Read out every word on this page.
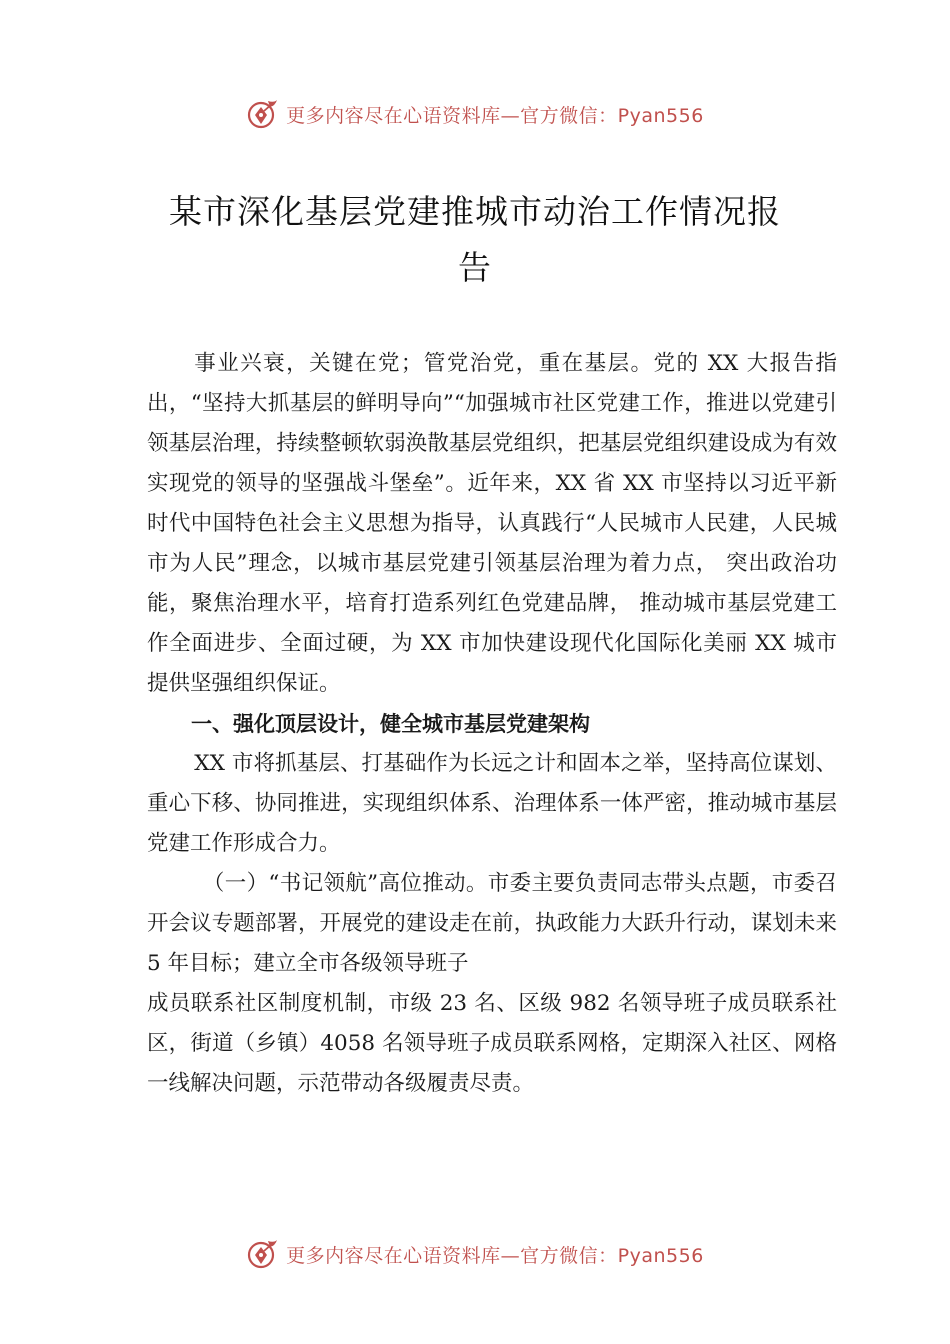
更多内容尽在心语资料库—官方微信：Pyan556
某市深化基层党建推城市动治工作情况报
告

事业兴衰，关键在党；管党治党，重在基层。党的 XX 大报告指出，“坚持大抓基层的鲜明导向”“加强城市社区党建工作，推进以党建引领基层治理，持续整顿软弱涣散基层党组织，把基层党组织建设成为有效实现党的领导的坚强战斗堡垒”。近年来，XX 省 XX 市坚持以习近平新时代中国特色社会主义思想为指导，认真践行“人民城市人民建，人民城市为人民”理念，以城市基层党建引领基层治理为着力点， 突出政治功能，聚焦治理水平，培育打造系列红色党建品牌， 推动城市基层党建工作全面进步、全面过硬，为 XX 市加快建设现代化国际化美丽 XX 城市提供坚强组织保证。

一、强化顶层设计，健全城市基层党建架构

XX 市将抓基层、打基础作为长远之计和固本之举，坚持高位谋划、重心下移、协同推进，实现组织体系、治理体系一体严密，推动城市基层党建工作形成合力。

（一）“书记领航”高位推动。市委主要负责同志带头点题，市委召开会议专题部署，开展党的建设走在前，执政能力大跃升行动，谋划未来 5 年目标；建立全市各级领导班子

成员联系社区制度机制，市级 23 名、区级 982 名领导班子成员联系社区，街道（乡镇）4058 名领导班子成员联系网格，定期深入社区、网格一线解决问题，示范带动各级履责尽责。

更多内容尽在心语资料库—官方微信：Pyan556
